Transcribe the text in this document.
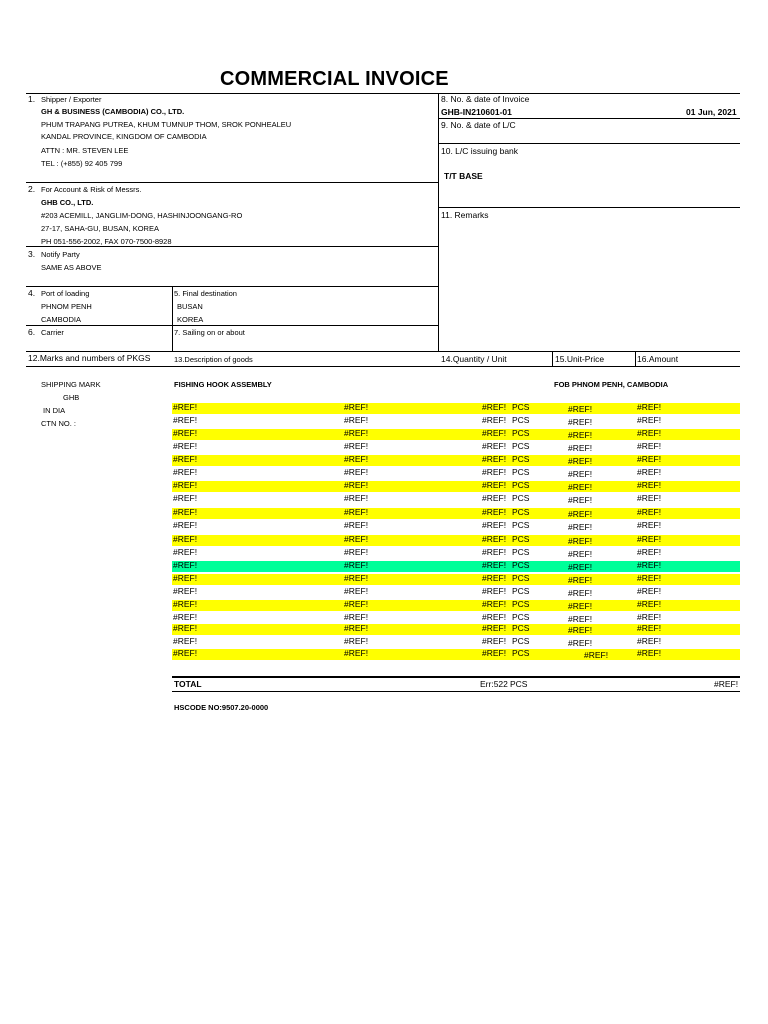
COMMERCIAL INVOICE
1. Shipper / Exporter
GH & BUSINESS (CAMBODIA) CO., LTD.
PHUM TRAPANG PUTREA, KHUM TUMNUP THOM, SROK PONHEALEU
KANDAL PROVINCE, KINGDOM OF CAMBODIA
ATTN : MR. STEVEN LEE
TEL : (+855) 92 405 799
8. No. & date of Invoice
GHB-IN210601-01	01 Jun, 2021
9. No. & date of L/C
10. L/C issuing bank
T/T BASE
11. Remarks
2. For Account & Risk of Messrs.
GHB CO., LTD.
#203 ACEMILL, JANGLIM-DONG, HASHINJOONGANG-RO
27-17, SAHA-GU, BUSAN, KOREA
PH 051-556-2002, FAX 070-7500-8928
3. Notify Party
SAME AS ABOVE
4. Port of loading
PHNOM PENH
CAMBODIA
5. Final destination
BUSAN
KOREA
6. Carrier	7. Sailing on or about
12.Marks and numbers of PKGS	13.Description of goods	14.Quantity / Unit	15.Unit-Price	16.Amount
SHIPPING MARK
GHB
IN DIA
CTN NO. :
FISHING HOOK ASSEMBLY	FOB PHNOM PENH, CAMBODIA
#REF!	#REF!	#REF! PCS	#REF!	#REF!
#REF!	#REF!	#REF! PCS	#REF!	#REF!
#REF!	#REF!	#REF! PCS	#REF!	#REF!
#REF!	#REF!	#REF! PCS	#REF!	#REF!
#REF!	#REF!	#REF! PCS	#REF!	#REF!
#REF!	#REF!	#REF! PCS	#REF!	#REF!
#REF!	#REF!	#REF! PCS	#REF!	#REF!
#REF!	#REF!	#REF! PCS	#REF!	#REF!
#REF!	#REF!	#REF! PCS	#REF!	#REF!
#REF!	#REF!	#REF! PCS	#REF!	#REF!
#REF!	#REF!	#REF! PCS	#REF!	#REF!
#REF!	#REF!	#REF! PCS	#REF!	#REF!
#REF!	#REF!	#REF! PCS	#REF!	#REF!
#REF!	#REF!	#REF! PCS	#REF!	#REF!
#REF!	#REF!	#REF! PCS	#REF!	#REF!
#REF!	#REF!	#REF! PCS	#REF!	#REF!
#REF!	#REF!	#REF! PCS	#REF!	#REF!
#REF!	#REF!	#REF! PCS	#REF!	#REF!
#REF!	#REF!	#REF! PCS	#REF!	#REF!
#REF!	#REF!	#REF! PCS	#REF!	#REF!
TOTAL	Err:522 PCS	#REF!
HSCODE NO:9507.20-0000
